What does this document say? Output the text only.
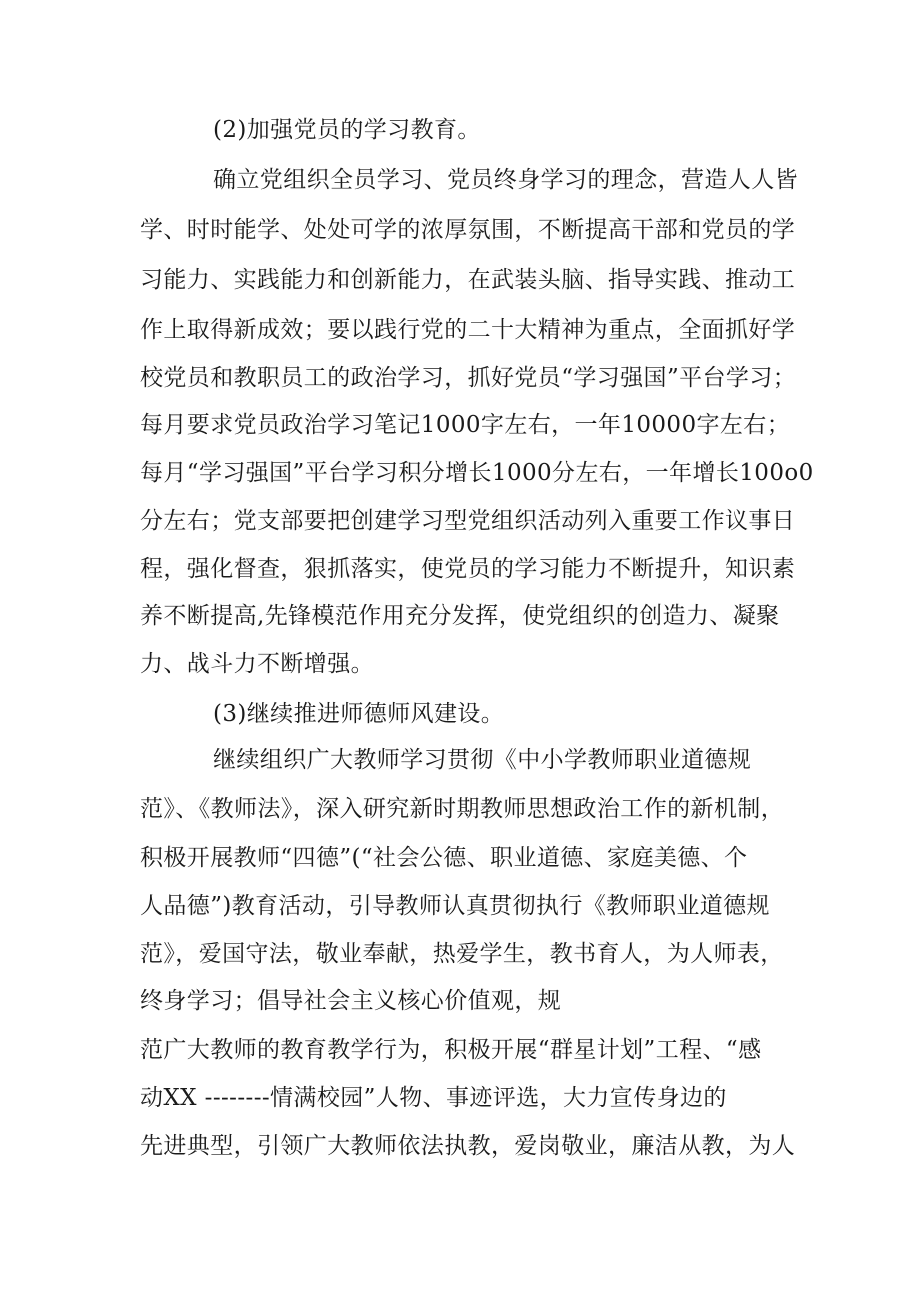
(2)加强党员的学习教育。
确立党组织全员学习、党员终身学习的理念，营造人人皆
学、时时能学、处处可学的浓厚氛围，不断提高干部和党员的学
习能力、实践能力和创新能力，在武装头脑、指导实践、推动工
作上取得新成效；要以践行党的二十大精神为重点，全面抓好学
校党员和教职员工的政治学习，抓好党员“学习强国”平台学习；
每月要求党员政治学习笔记1000字左右，一年10000字左右；
每月“学习强国”平台学习积分增长1000分左右，一年增长100o0
分左右；党支部要把创建学习型党组织活动列入重要工作议事日
程，强化督查，狠抓落实，使党员的学习能力不断提升，知识素
养不断提高,先锋模范作用充分发挥，使党组织的创造力、凝聚
力、战斗力不断增强。
(3)继续推进师德师风建设。
继续组织广大教师学习贯彻《中小学教师职业道德规
范》、《教师法》，深入研究新时期教师思想政治工作的新机制，
积极开展教师“四德”(“社会公德、职业道德、家庭美德、个
人品德”)教育活动，引导教师认真贯彻执行《教师职业道德规
范》，爱国守法，敬业奉献，热爱学生，教书育人，为人师表，
终身学习；倡导社会主义核心价值观，规
范广大教师的教育教学行为，积极开展“群星计划”工程、“感
动XX --------情满校园”人物、事迹评选，大力宣传身边的
先进典型，引领广大教师依法执教，爱岗敬业，廉洁从教，为人
